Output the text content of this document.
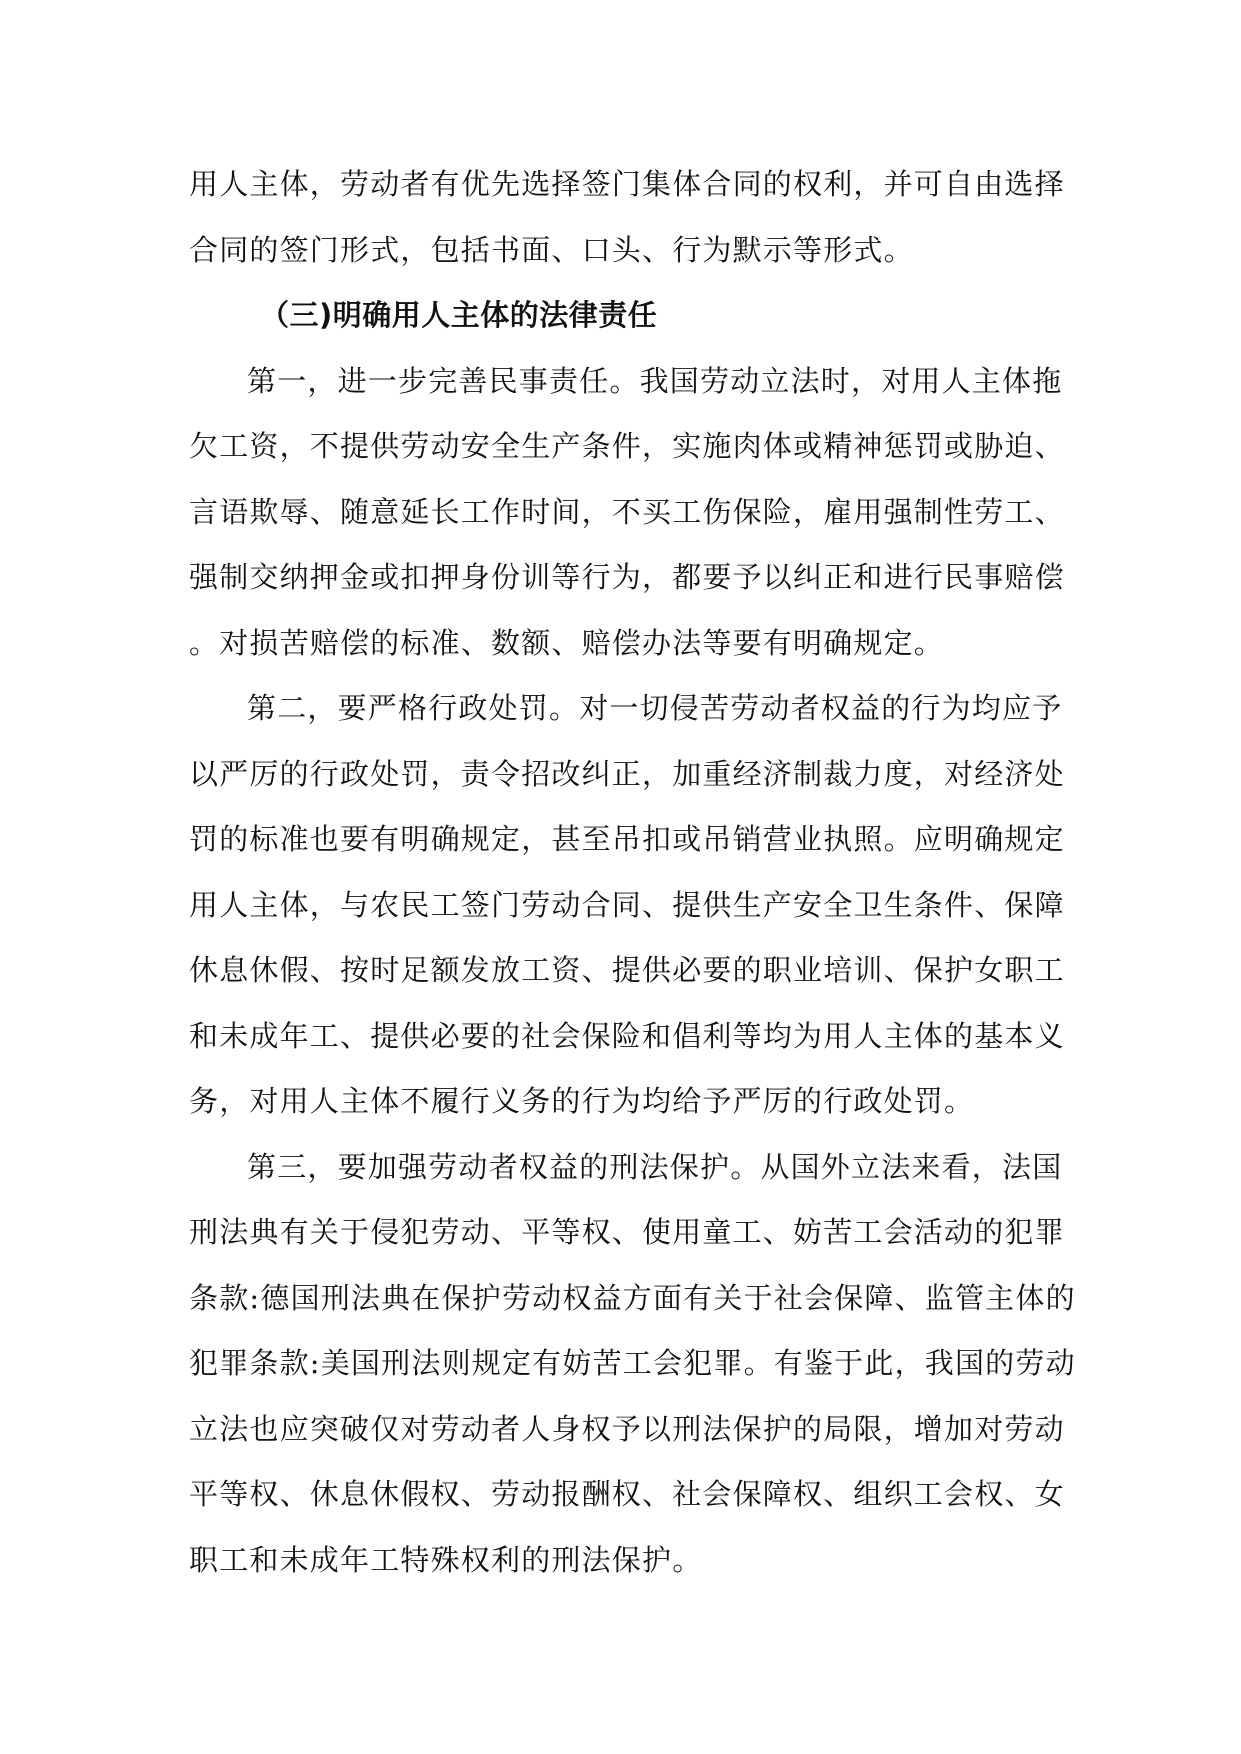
用人主体，劳动者有优先选择签门集体合同的权利，并可自由选择
合同的签门形式，包括书面、口头、行为默示等形式。
（三)明确用人主体的法律责任
第一，进一步完善民事责任。我国劳动立法时，对用人主体拖
欠工资，不提供劳动安全生产条件，实施肉体或精神惩罚或胁迫、
言语欺辱、随意延长工作时间，不买工伤保险，雇用强制性劳工、
强制交纳押金或扣押身份训等行为，都要予以纠正和进行民事赔偿
。对损苦赔偿的标准、数额、赔偿办法等要有明确规定。
第二，要严格行政处罚。对一切侵苦劳动者权益的行为均应予
以严厉的行政处罚，责令招改纠正，加重经济制裁力度，对经济处
罚的标准也要有明确规定，甚至吊扣或吊销营业执照。应明确规定
用人主体，与农民工签门劳动合同、提供生产安全卫生条件、保障
休息休假、按时足额发放工资、提供必要的职业培训、保护女职工
和未成年工、提供必要的社会保险和倡利等均为用人主体的基本义
务，对用人主体不履行义务的行为均给予严厉的行政处罚。
第三，要加强劳动者权益的刑法保护。从国外立法来看，法国
刑法典有关于侵犯劳动、平等权、使用童工、妨苦工会活动的犯罪
条款:德国刑法典在保护劳动权益方面有关于社会保障、监管主体的
犯罪条款:美国刑法则规定有妨苦工会犯罪。有鉴于此，我国的劳动
立法也应突破仅对劳动者人身权予以刑法保护的局限，增加对劳动
平等权、休息休假权、劳动报酬权、社会保障权、组织工会权、女
职工和未成年工特殊权利的刑法保护。
